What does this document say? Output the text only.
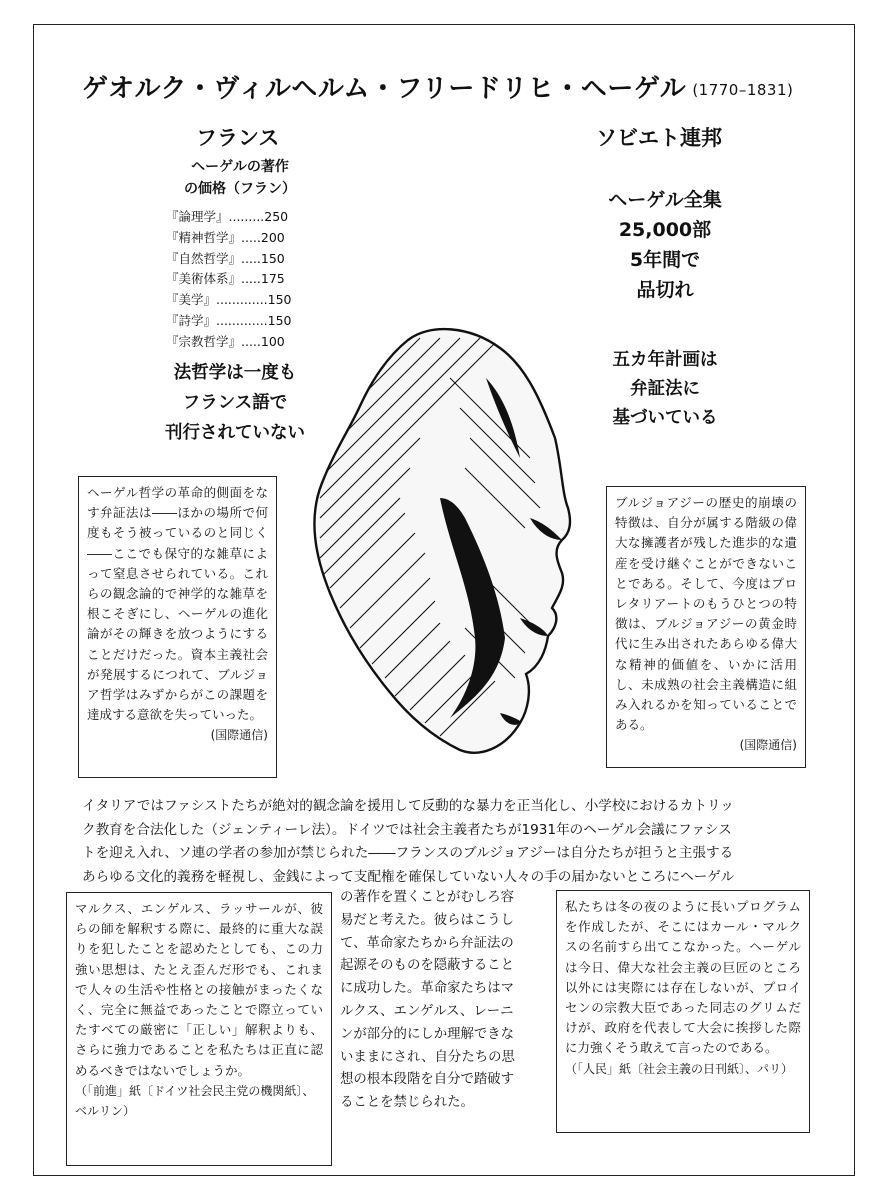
ゲオルク・ヴィルヘルム・フリードリヒ・ヘーゲル (1770–1831)
フランス
ヘーゲルの著作
の価格（フラン）
『論理学』.........250
『精神哲学』.....200
『自然哲学』.....150
『美術体系』.....175
『美学』.............150
『詩学』.............150
『宗教哲学』.....100
法哲学は一度も
フランス語で
刊行されていない
ソビエト連邦
ヘーゲル全集
25,000部
5年間で
品切れ
五カ年計画は
弁証法に
基づいている
ヘーゲル哲学の革命的側面をなす弁証法は――ほかの場所で何度もそう被っているのと同じく――ここでも保守的な雑草によって窒息させられている。これらの観念論的で神学的な雑草を根こそぎにし、ヘーゲルの進化論がその輝きを放つようにすることだけだった。資本主義社会が発展するにつれて、ブルジョア哲学はみずからがこの課題を達成する意欲を失っていった。
(国際通信)
ブルジョアジーの歴史的崩壊の特徴は、自分が属する階級の偉大な擁護者が残した進歩的な遺産を受け継ぐことができないことである。そして、今度はプロレタリアートのもうひとつの特徴は、ブルジョアジーの黄金時代に生み出されたあらゆる偉大な精神的価値を、いかに活用し、未成熟の社会主義構造に組み入れるかを知っていることである。
(国際通信)
イタリアではファシストたちが絶対的観念論を援用して反動的な暴力を正当化し、小学校におけるカトリッ
ク教育を合法化した（ジェンティーレ法）。ドイツでは社会主義者たちが1931年のヘーゲル会議にファシス
トを迎え入れ、ソ連の学者の参加が禁じられた――フランスのブルジョアジーは自分たちが担うと主張する
あらゆる文化的義務を軽視し、金銭によって支配権を確保していない人々の手の届かないところにヘーゲル
マルクス、エンゲルス、ラッサールが、彼らの師を解釈する際に、最終的に重大な誤りを犯したことを認めたとしても、この力強い思想は、たとえ歪んだ形でも、これまで人々の生活や性格との接触がまったくなく、完全に無益であったことで際立っていたすべての厳密に「正しい」解釈よりも、さらに強力であることを私たちは正直に認めるべきではないでしょうか。
（「前進」紙〔ドイツ社会民主党の機関紙〕、ベルリン）
の著作を置くことがむしろ容
易だと考えた。彼らはこうし
て、革命家たちから弁証法の
起源そのものを隠蔽すること
に成功した。革命家たちはマ
ルクス、エンゲルス、レーニ
ンが部分的にしか理解できな
いままにされ、自分たちの思
想の根本段階を自分で踏破す
ることを禁じられた。
私たちは冬の夜のように長いプログラムを作成したが、そこにはカール・マルクスの名前すら出てこなかった。ヘーゲルは今日、偉大な社会主義の巨匠のところ以外には実際には存在しないが、プロイセンの宗教大臣であった同志のグリムだけが、政府を代表して大会に挨拶した際に力強くそう敢えて言ったのである。
（「人民」紙〔社会主義の日刊紙〕、パリ）
